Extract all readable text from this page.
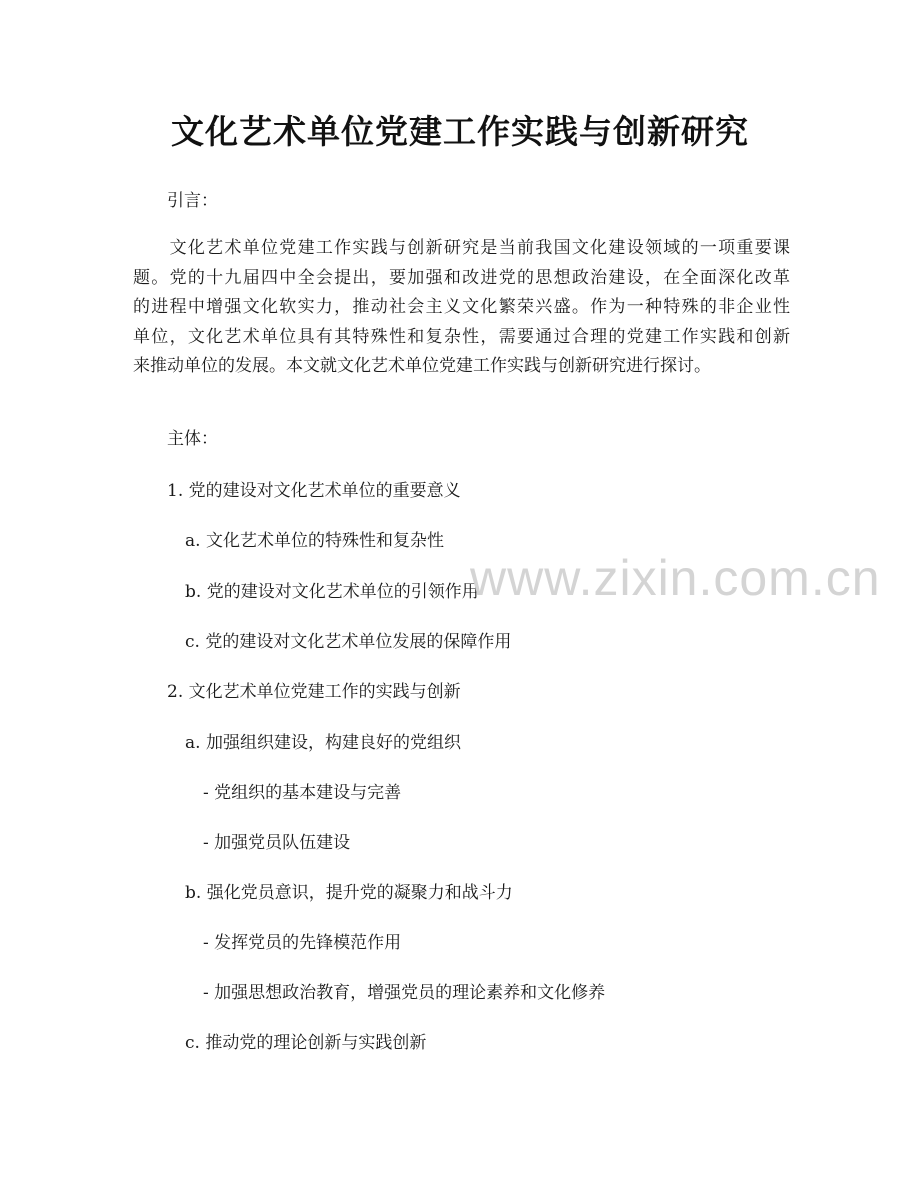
文化艺术单位党建工作实践与创新研究
引言：
　　文化艺术单位党建工作实践与创新研究是当前我国文化建设领域的一项重要课
题。党的十九届四中全会提出，要加强和改进党的思想政治建设，在全面深化改革
的进程中增强文化软实力，推动社会主义文化繁荣兴盛。作为一种特殊的非企业性
单位，文化艺术单位具有其特殊性和复杂性，需要通过合理的党建工作实践和创新
来推动单位的发展。本文就文化艺术单位党建工作实践与创新研究进行探讨。
主体：
1. 党的建设对文化艺术单位的重要意义
a. 文化艺术单位的特殊性和复杂性
b. 党的建设对文化艺术单位的引领作用
c. 党的建设对文化艺术单位发展的保障作用
2. 文化艺术单位党建工作的实践与创新
a. 加强组织建设，构建良好的党组织
- 党组织的基本建设与完善
- 加强党员队伍建设
b. 强化党员意识，提升党的凝聚力和战斗力
- 发挥党员的先锋模范作用
- 加强思想政治教育，增强党员的理论素养和文化修养
c. 推动党的理论创新与实践创新
www.zixin.com.cn
